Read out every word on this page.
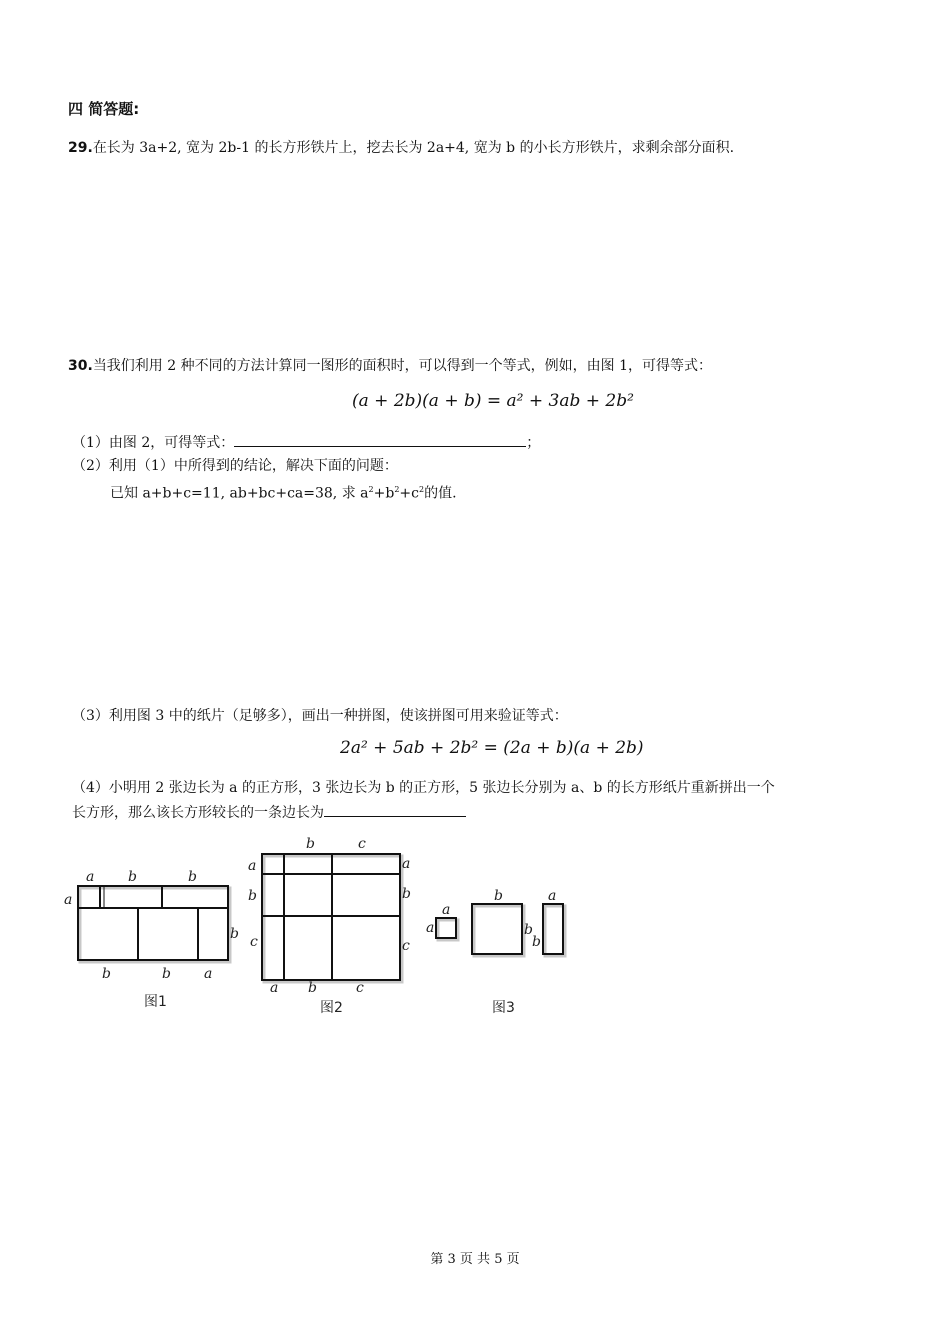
四 简答题:
29.在长为 3a+2, 宽为 2b-1 的长方形铁片上，挖去长为 2a+4, 宽为 b 的小长方形铁片，求剩余部分面积.
30.当我们利用 2 种不同的方法计算同一图形的面积时，可以得到一个等式，例如，由图 1，可得等式：
(a + 2b)(a + b) = a² + 3ab + 2b²
（1）由图 2，可得等式：	；
（2）利用（1）中所得到的结论，解决下面的问题：
已知 a+b+c=11, ab+bc+ca=38, 求 $a^2+b^2+c^2$的值.
（3）利用图 3 中的纸片（足够多），画出一种拼图，使该拼图可用来验证等式：
2a² + 5ab + 2b² = (2a + b)(a + 2b)
（4）小明用 2 张边长为 a 的正方形，3 张边长为 b 的正方形，5 张边长分别为 a、b 的长方形纸片重新拼出一个
长方形，那么该长方形较长的一条边长为
a b	b
a
b
b	b a
图1
b	c
a
b
c
a
b
c
a b	c
图2
a
a
b
b
a
b
图3
第 3 页 共 5 页
